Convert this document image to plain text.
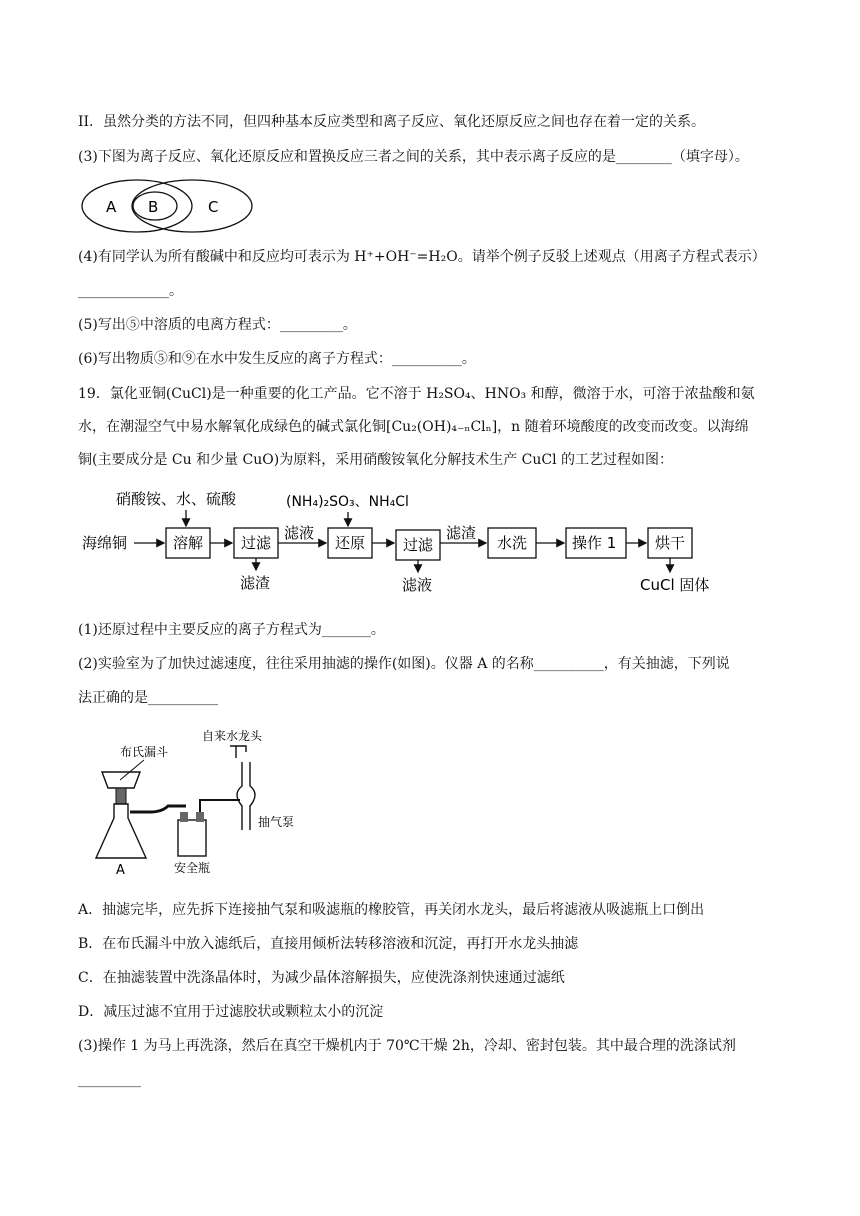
II．虽然分类的方法不同，但四种基本反应类型和离子反应、氧化还原反应之间也存在着一定的关系。
(3)下图为离子反应、氧化还原反应和置换反应三者之间的关系，其中表示离子反应的是________（填字母）。
A B	C
(4)有同学认为所有酸碱中和反应均可表示为 H⁺+OH⁻=H₂O。请举个例子反驳上述观点（用离子方程式表示）
_____________。
(5)写出⑤中溶质的电离方程式：_________。
(6)写出物质⑤和⑨在水中发生反应的离子方程式：__________。
19．氯化亚铜(CuCl)是一种重要的化工产品。它不溶于 H₂SO₄、HNO₃ 和醇，微溶于水，可溶于浓盐酸和氨
水，在潮湿空气中易水解氧化成绿色的碱式氯化铜[Cu₂(OH)₄₋ₙClₙ]，n 随着环境酸度的改变而改变。以海绵
铜(主要成分是 Cu 和少量 CuO)为原料，采用硝酸铵氧化分解技术生产 CuCl 的工艺过程如图：
海绵铜
硝酸铵、水、硫酸
溶解	过滤
滤渣
滤液
(NH₄)₂SO₃、NH₄Cl
还原	过滤
滤液
滤渣
水洗	操作 1	烘干
CuCl 固体
(1)还原过程中主要反应的离子方程式为_______。
(2)实验室为了加快过滤速度，往往采用抽滤的操作(如图)。仪器 A 的名称__________，有关抽滤，下列说
法正确的是__________
自来水龙头
布氏漏斗
抽气泵
A	安全瓶
A．抽滤完毕，应先拆下连接抽气泵和吸滤瓶的橡胶管，再关闭水龙头，最后将滤液从吸滤瓶上口倒出
B．在布氏漏斗中放入滤纸后，直接用倾析法转移溶液和沉淀，再打开水龙头抽滤
C．在抽滤装置中洗涤晶体时，为减少晶体溶解损失，应使洗涤剂快速通过滤纸
D．减压过滤不宜用于过滤胶状或颗粒太小的沉淀
(3)操作 1 为马上再洗涤，然后在真空干燥机内于 70℃干燥 2h，冷却、密封包装。其中最合理的洗涤试剂
_________
